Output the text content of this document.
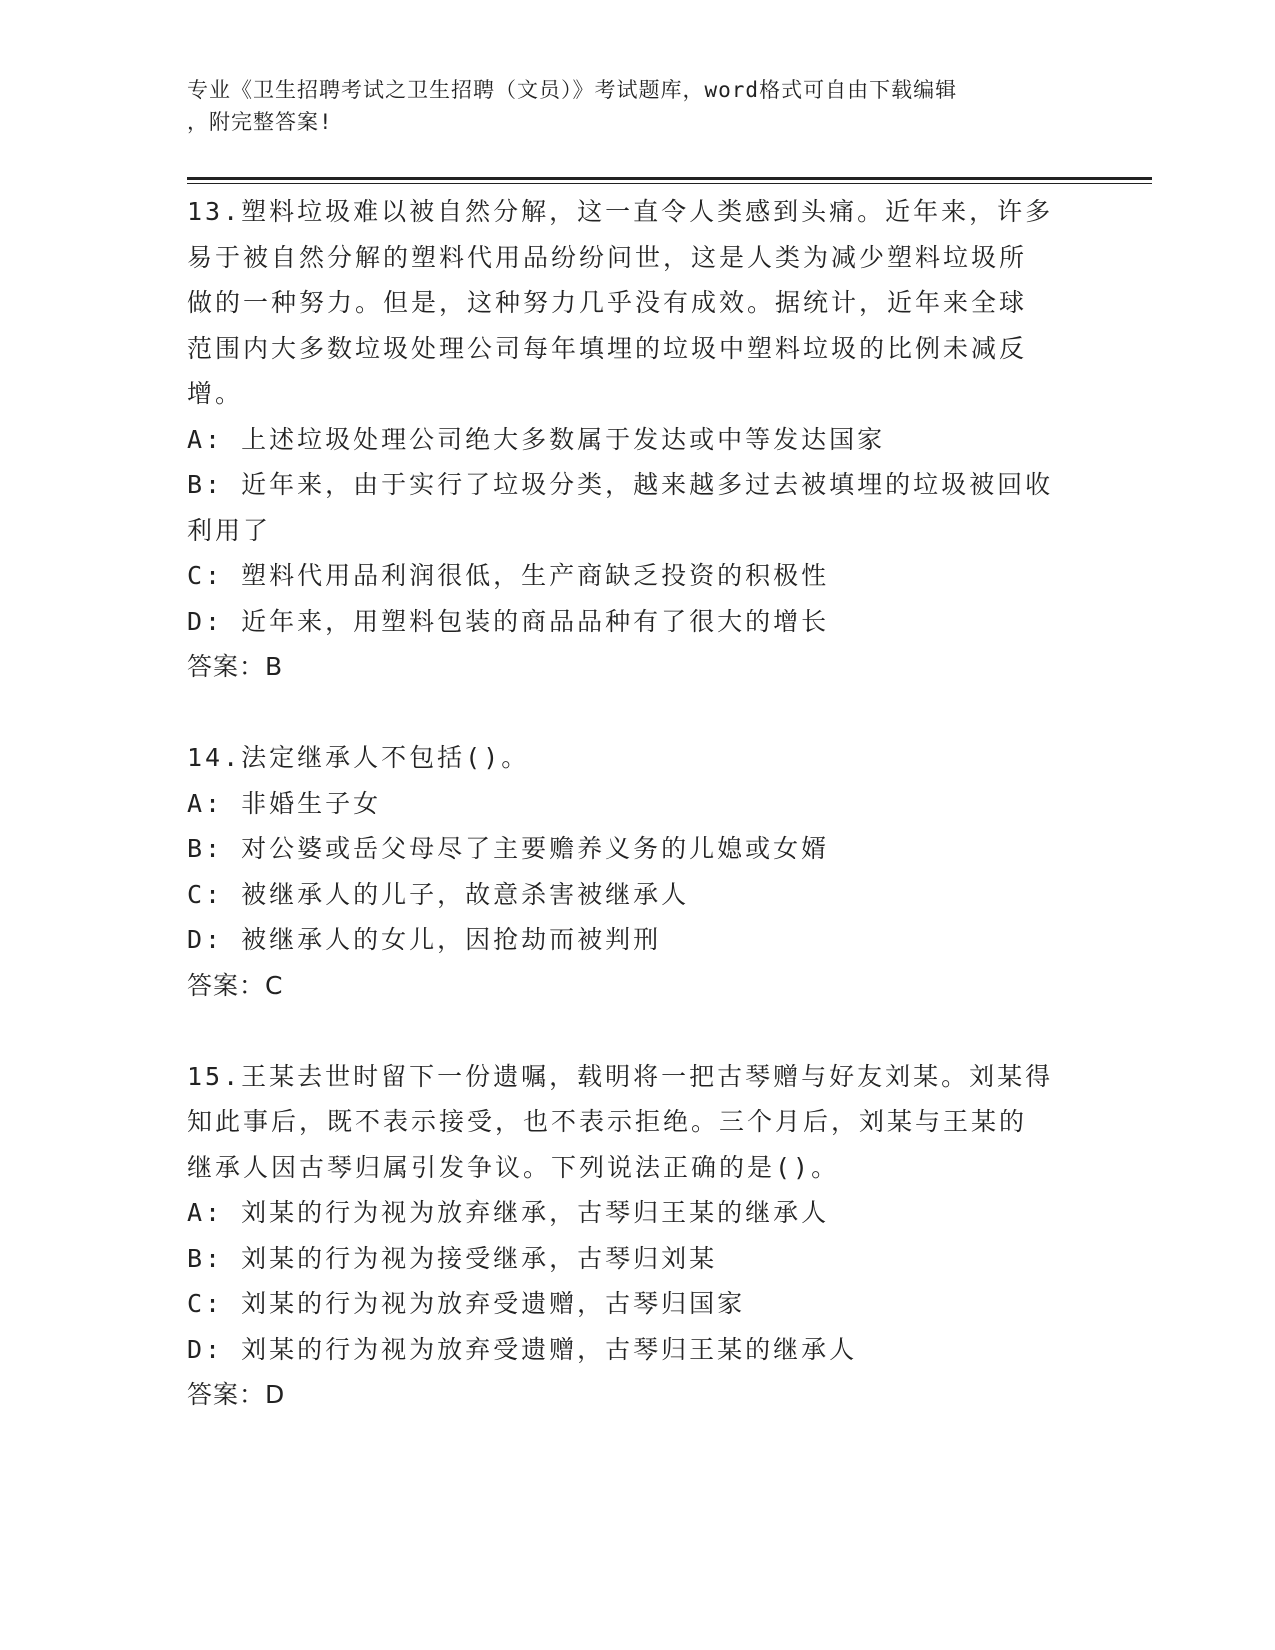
专业《卫生招聘考试之卫生招聘（文员）》考试题库，word格式可自由下载编辑
，附完整答案!
13.塑料垃圾难以被自然分解，这一直令人类感到头痛。近年来，许多
易于被自然分解的塑料代用品纷纷问世，这是人类为减少塑料垃圾所
做的一种努力。但是，这种努力几乎没有成效。据统计，近年来全球
范围内大多数垃圾处理公司每年填埋的垃圾中塑料垃圾的比例未减反
增。
A: 上述垃圾处理公司绝大多数属于发达或中等发达国家
B: 近年来，由于实行了垃圾分类，越来越多过去被填埋的垃圾被回收
利用了
C: 塑料代用品利润很低，生产商缺乏投资的积极性
D: 近年来，用塑料包装的商品品种有了很大的增长
答案：B
14.法定继承人不包括()。
A: 非婚生子女
B: 对公婆或岳父母尽了主要赡养义务的儿媳或女婿
C: 被继承人的儿子，故意杀害被继承人
D: 被继承人的女儿，因抢劫而被判刑
答案：C
15.王某去世时留下一份遗嘱，载明将一把古琴赠与好友刘某。刘某得
知此事后，既不表示接受，也不表示拒绝。三个月后，刘某与王某的
继承人因古琴归属引发争议。下列说法正确的是()。
A: 刘某的行为视为放弃继承，古琴归王某的继承人
B: 刘某的行为视为接受继承，古琴归刘某
C: 刘某的行为视为放弃受遗赠，古琴归国家
D: 刘某的行为视为放弃受遗赠，古琴归王某的继承人
答案：D
